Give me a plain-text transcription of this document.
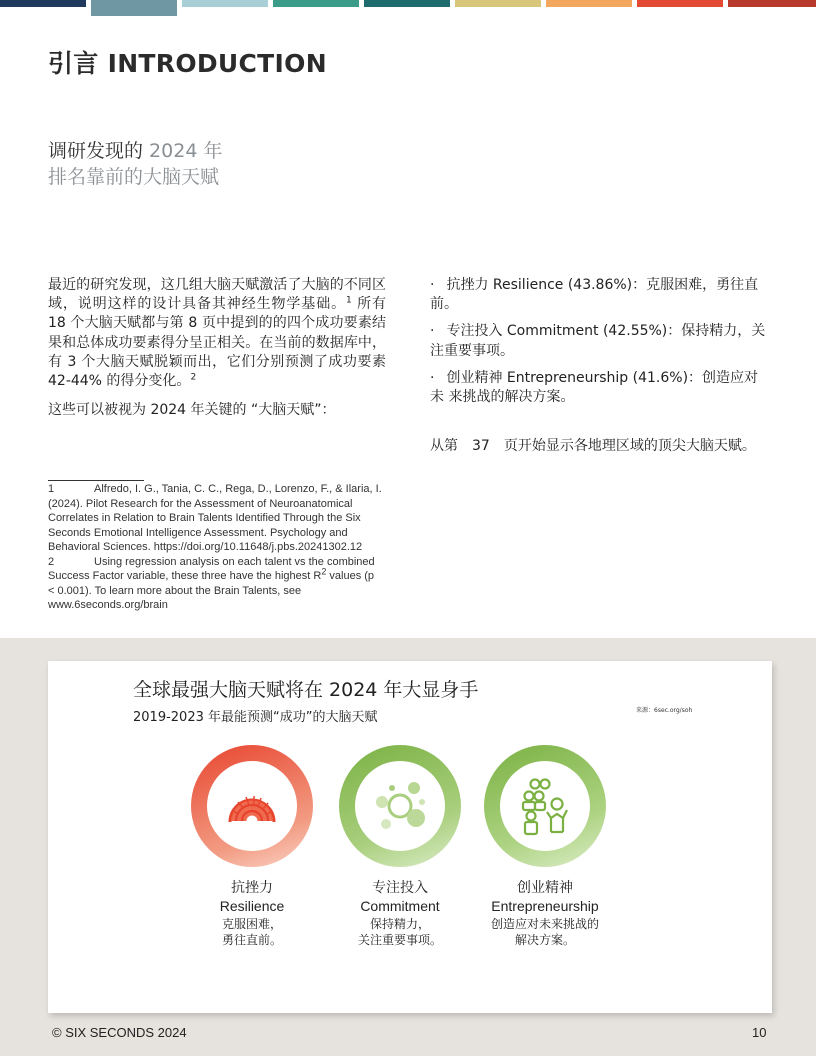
引言 INTRODUCTION
调研发现的 2024 年
排名靠前的大脑天赋

最近的研究发现，这几组大脑天赋激活了大脑的不同区域，说明这样的设计具备其神经生物学基础。$^1$ 所有 18 个大脑天赋都与第 8 页中提到的的四个成功要素结果和总体成功要素得分呈正相关。在当前的数据库中，有 3 个大脑天赋脱颖而出，它们分别预测了成功要素 42-44% 的得分变化。$^2$

这些可以被视为 2024 年关键的 “大脑天赋”：

1	Alfredo, I. G., Tania, C. C., Rega, D., Lorenzo, F., & Ilaria, I. (2024). Pilot Research for the Assessment of Neuroanatomical Correlates in Relation to Brain Talents Identified Through the Six Seconds Emotional Intelligence Assessment. Psychology and Behavioral Sciences. https://doi.org/10.11648/j.pbs.20241302.12
2	Using regression analysis on each talent vs the combined Success Factor variable, these three have the highest $R^2$ values (p < 0.001). To learn more about the Brain Talents, see www.6seconds.org/brain
· 抗挫力 Resilience (43.86%)：克服困难，勇往直前。
· 专注投入 Commitment (42.55%)：保持精力，关注重要事项。
· 创业精神 Entrepreneurship (41.6%)：创造应对未 来挑战的解决方案。

从第　37　页开始显示各地理区域的顶尖大脑天赋。

全球最强大脑天赋将在 2024 年大显身手
2019-2023 年最能预测“成功”的大脑天赋	来源：6sec.org/soh
抗挫力
Resilience
克服困难，
勇往直前。
专注投入
Commitment
保持精力，
关注重要事项。
创业精神
Entrepreneurship
创造应对未来挑战的
解决方案。
© SIX SECONDS 2024	10
